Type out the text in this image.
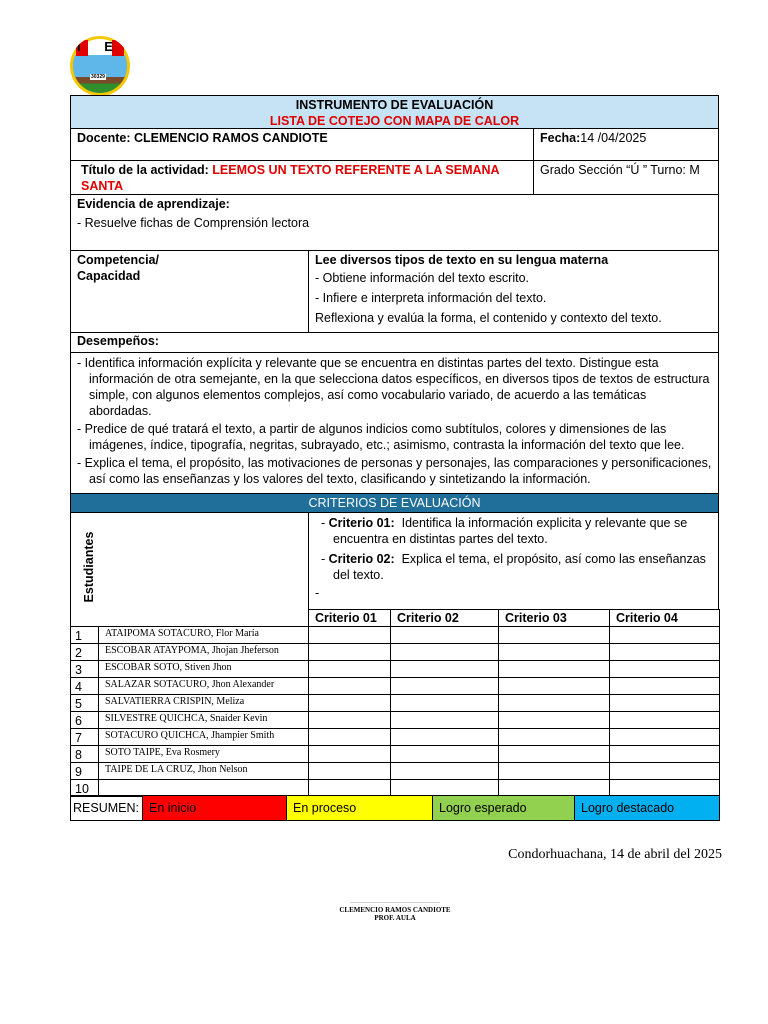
I E
30329
INSTRUMENTO DE EVALUACIÓN
LISTA DE COTEJO CON MAPA DE CALOR
Docente: CLEMENCIO RAMOS CANDIOTE	Fecha:14 /04/2025
Título de la actividad: LEEMOS UN TEXTO REFERENTE A LA SEMANA SANTA
Grado Sección “Ú ” Turno: M
Evidencia de aprendizaje:
- Resuelve fichas de Comprensión lectora
Competencia/
Capacidad
Lee diversos tipos de texto en su lengua materna
- Obtiene información del texto escrito.
- Infiere e interpreta información del texto.
Reflexiona y evalúa la forma, el contenido y contexto del texto.
Desempeños:
- Identifica información explícita y relevante que se encuentra en distintas partes del texto. Distingue esta información de otra semejante, en la que selecciona datos específicos, en diversos tipos de textos de estructura simple, con algunos elementos complejos, así como vocabulario variado, de acuerdo a las temáticas abordadas.
- Predice de qué tratará el texto, a partir de algunos indicios como subtítulos, colores y dimensiones de las imágenes, índice, tipografía, negritas, subrayado, etc.; asimismo, contrasta la información del texto que lee.
- Explica el tema, el propósito, las motivaciones de personas y personajes, las comparaciones y personificaciones, así como las enseñanzas y los valores del texto, clasificando y sintetizando la información.
CRITERIOS DE EVALUACIÓN
Estudiantes
- Criterio 01: Identifica la información explicita y relevante que se encuentra en distintas partes del texto.
- Criterio 02: Explica el tema, el propósito, así como las enseñanzas del texto.
-
Criterio 01	Criterio 02	Criterio 03	Criterio 04
1	ATAIPOMA SOTACURO, Flor María
2	ESCOBAR ATAYPOMA, Jhojan Jheferson
3	ESCOBAR SOTO, Stiven Jhon
4	SALAZAR SOTACURO, Jhon Alexander
5	SALVATIERRA CRISPIN, Meliza
6	SILVESTRE QUICHCA, Snaider Kevin
7	SOTACURO QUICHCA, Jhampier Smith
8	SOTO TAIPE, Eva Rosmery
9	TAIPE DE LA CRUZ, Jhon Nelson
10
RESUMEN: En inicio	En proceso	Logro esperado	Logro destacado
Condorhuachana, 14 de abril del 2025
………………………………………
CLEMENCIO RAMOS CANDIOTE
PROF. AULA
